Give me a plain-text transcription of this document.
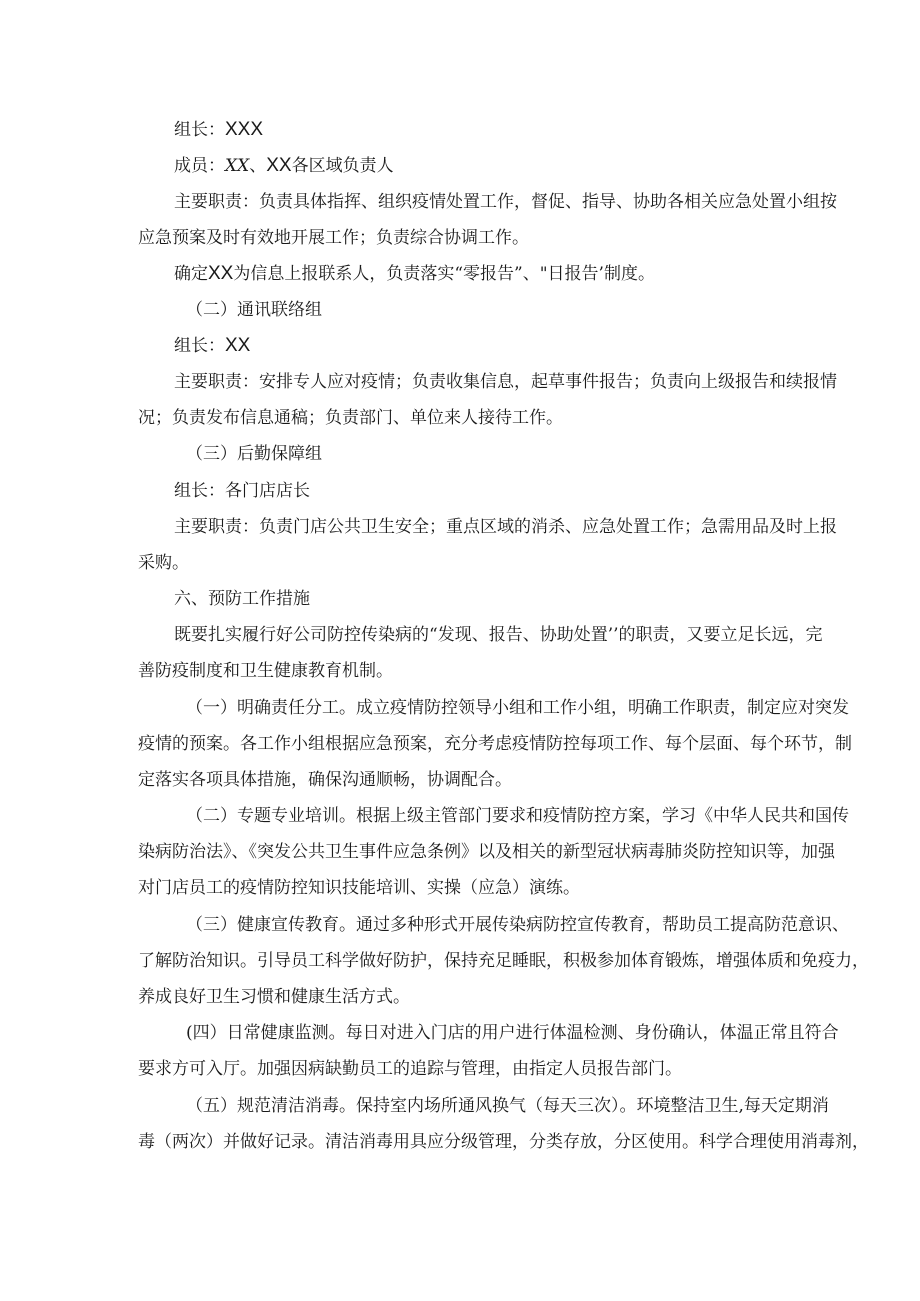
组长：XXX

成员：XX、XX各区域负责人

主要职责：负责具体指挥、组织疫情处置工作，督促、指导、协助各相关应急处置小组按

应急预案及时有效地开展工作；负责综合协调工作。

确定XX为信息上报联系人，负责落实“零报告”、"日报告’制度。

（二）通讯联络组

组长：XX

主要职责：安排专人应对疫情；负责收集信息，起草事件报告；负责向上级报告和续报情

况；负责发布信息通稿；负责部门、单位来人接待工作。

（三）后勤保障组

组长：各门店店长

主要职责：负责门店公共卫生安全；重点区域的消杀、应急处置工作；急需用品及时上报

采购。

六、预防工作措施

既要扎实履行好公司防控传染病的“发现、报告、协助处置’’的职责，又要立足长远，完

善防疫制度和卫生健康教育机制。

（一）明确责任分工。成立疫情防控领导小组和工作小组，明确工作职责，制定应对突发

疫情的预案。各工作小组根据应急预案，充分考虑疫情防控每项工作、每个层面、每个环节，制

定落实各项具体措施，确保沟通顺畅，协调配合。

（二）专题专业培训。根据上级主管部门要求和疫情防控方案，学习《中华人民共和国传

染病防治法》、《突发公共卫生事件应急条例》以及相关的新型冠状病毒肺炎防控知识等，加强

对门店员工的疫情防控知识技能培训、实操（应急）演练。

（三）健康宣传教育。通过多种形式开展传染病防控宣传教育，帮助员工提高防范意识、

了解防治知识。引导员工科学做好防护，保持充足睡眠，积极参加体育锻炼，增强体质和免疫力，

养成良好卫生习惯和健康生活方式。

(四）日常健康监测。每日对进入门店的用户进行体温检测、身份确认，体温正常且符合

要求方可入厅。加强因病缺勤员工的追踪与管理，由指定人员报告部门。

（五）规范清洁消毒。保持室内场所通风换气（每天三次）。环境整洁卫生,每天定期消

毒（两次）并做好记录。清洁消毒用具应分级管理，分类存放，分区使用。科学合理使用消毒剂，
